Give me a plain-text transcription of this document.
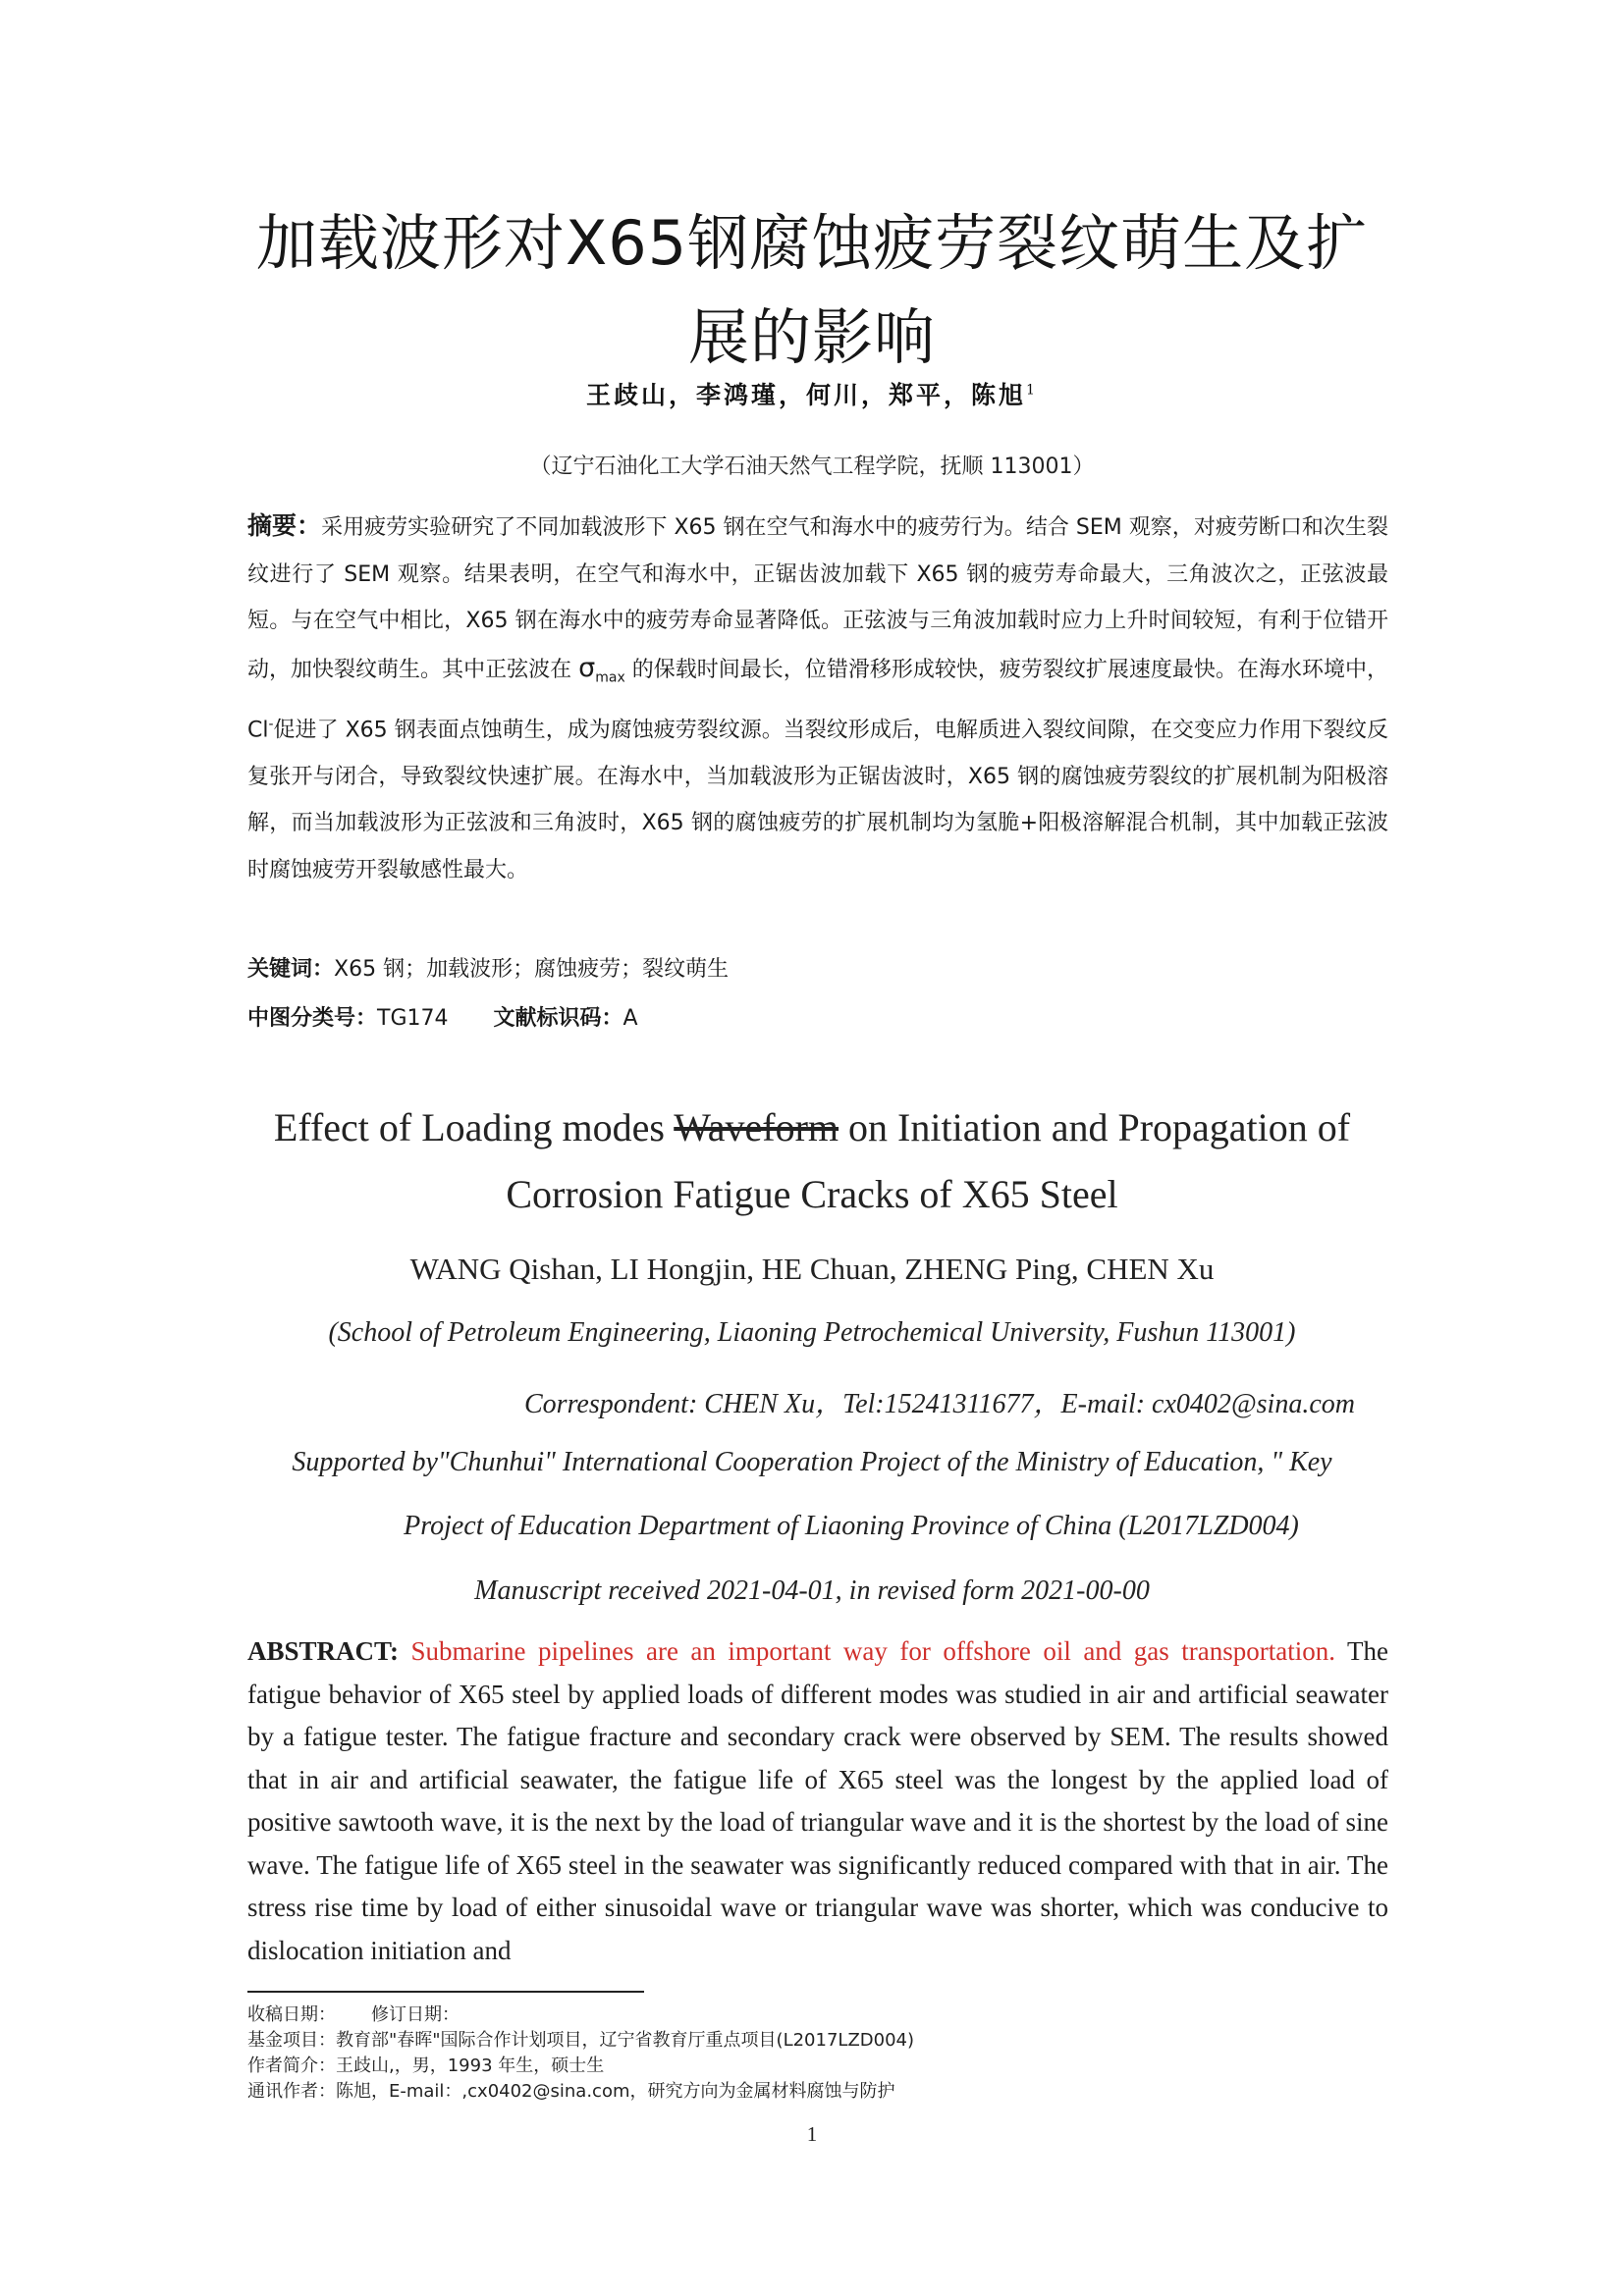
加载波形对X65钢腐蚀疲劳裂纹萌生及扩展的影响
王歧山，李鸿瑾，何川，郑平，陈旭$^1$
（辽宁石油化工大学石油天然气工程学院，抚顺 113001）
摘要：采用疲劳实验研究了不同加载波形下 X65 钢在空气和海水中的疲劳行为。结合 SEM 观察，对疲劳断口和次生裂纹进行了 SEM 观察。结果表明，在空气和海水中，正锯齿波加载下 X65 钢的疲劳寿命最大，三角波次之，正弦波最短。与在空气中相比，X65 钢在海水中的疲劳寿命显著降低。正弦波与三角波加载时应力上升时间较短，有利于位错开动，加快裂纹萌生。其中正弦波在 $\sigma_{max}$ 的保载时间最长，位错滑移形成较快，疲劳裂纹扩展速度最快。在海水环境中，Cl-促进了 X65 钢表面点蚀萌生，成为腐蚀疲劳裂纹源。当裂纹形成后，电解质进入裂纹间隙，在交变应力作用下裂纹反复张开与闭合，导致裂纹快速扩展。在海水中，当加载波形为正锯齿波时，X65 钢的腐蚀疲劳裂纹的扩展机制为阳极溶解，而当加载波形为正弦波和三角波时，X65 钢的腐蚀疲劳的扩展机制均为氢脆+阳极溶解混合机制，其中加载正弦波时腐蚀疲劳开裂敏感性最大。
关键词：X65 钢；加载波形；腐蚀疲劳；裂纹萌生
中图分类号：TG174 文献标识码：A
Effect of Loading modes Waveform on Initiation and Propagation of
Corrosion Fatigue Cracks of X65 Steel
WANG Qishan, LI Hongjin, HE Chuan, ZHENG Ping, CHEN Xu
(School of Petroleum Engineering, Liaoning Petrochemical University, Fushun 113001)
Correspondent: CHEN Xu，Tel:15241311677，E-mail: cx0402@sina.com
Supported by"Chunhui" International Cooperation Project of the Ministry of Education, " Key
Project of Education Department of Liaoning Province of China (L2017LZD004)
Manuscript received 2021-04-01, in revised form 2021-00-00
ABSTRACT: Submarine pipelines are an important way for offshore oil and gas transportation. The fatigue behavior of X65 steel by applied loads of different modes was studied in air and artificial seawater by a fatigue tester. The fatigue fracture and secondary crack were observed by SEM. The results showed that in air and artificial seawater, the fatigue life of X65 steel was the longest by the applied load of positive sawtooth wave, it is the next by the load of triangular wave and it is the shortest by the load of sine wave. The fatigue life of X65 steel in the seawater was significantly reduced compared with that in air. The stress rise time by load of either sinusoidal wave or triangular wave was shorter, which was conducive to dislocation initiation and
收稿日期： 修订日期：
基金项目：教育部"春晖"国际合作计划项目，辽宁省教育厅重点项目(L2017LZD004)
作者简介：王歧山,，男，1993 年生，硕士生
通讯作者：陈旭，E-mail：,cx0402@sina.com，研究方向为金属材料腐蚀与防护
1
